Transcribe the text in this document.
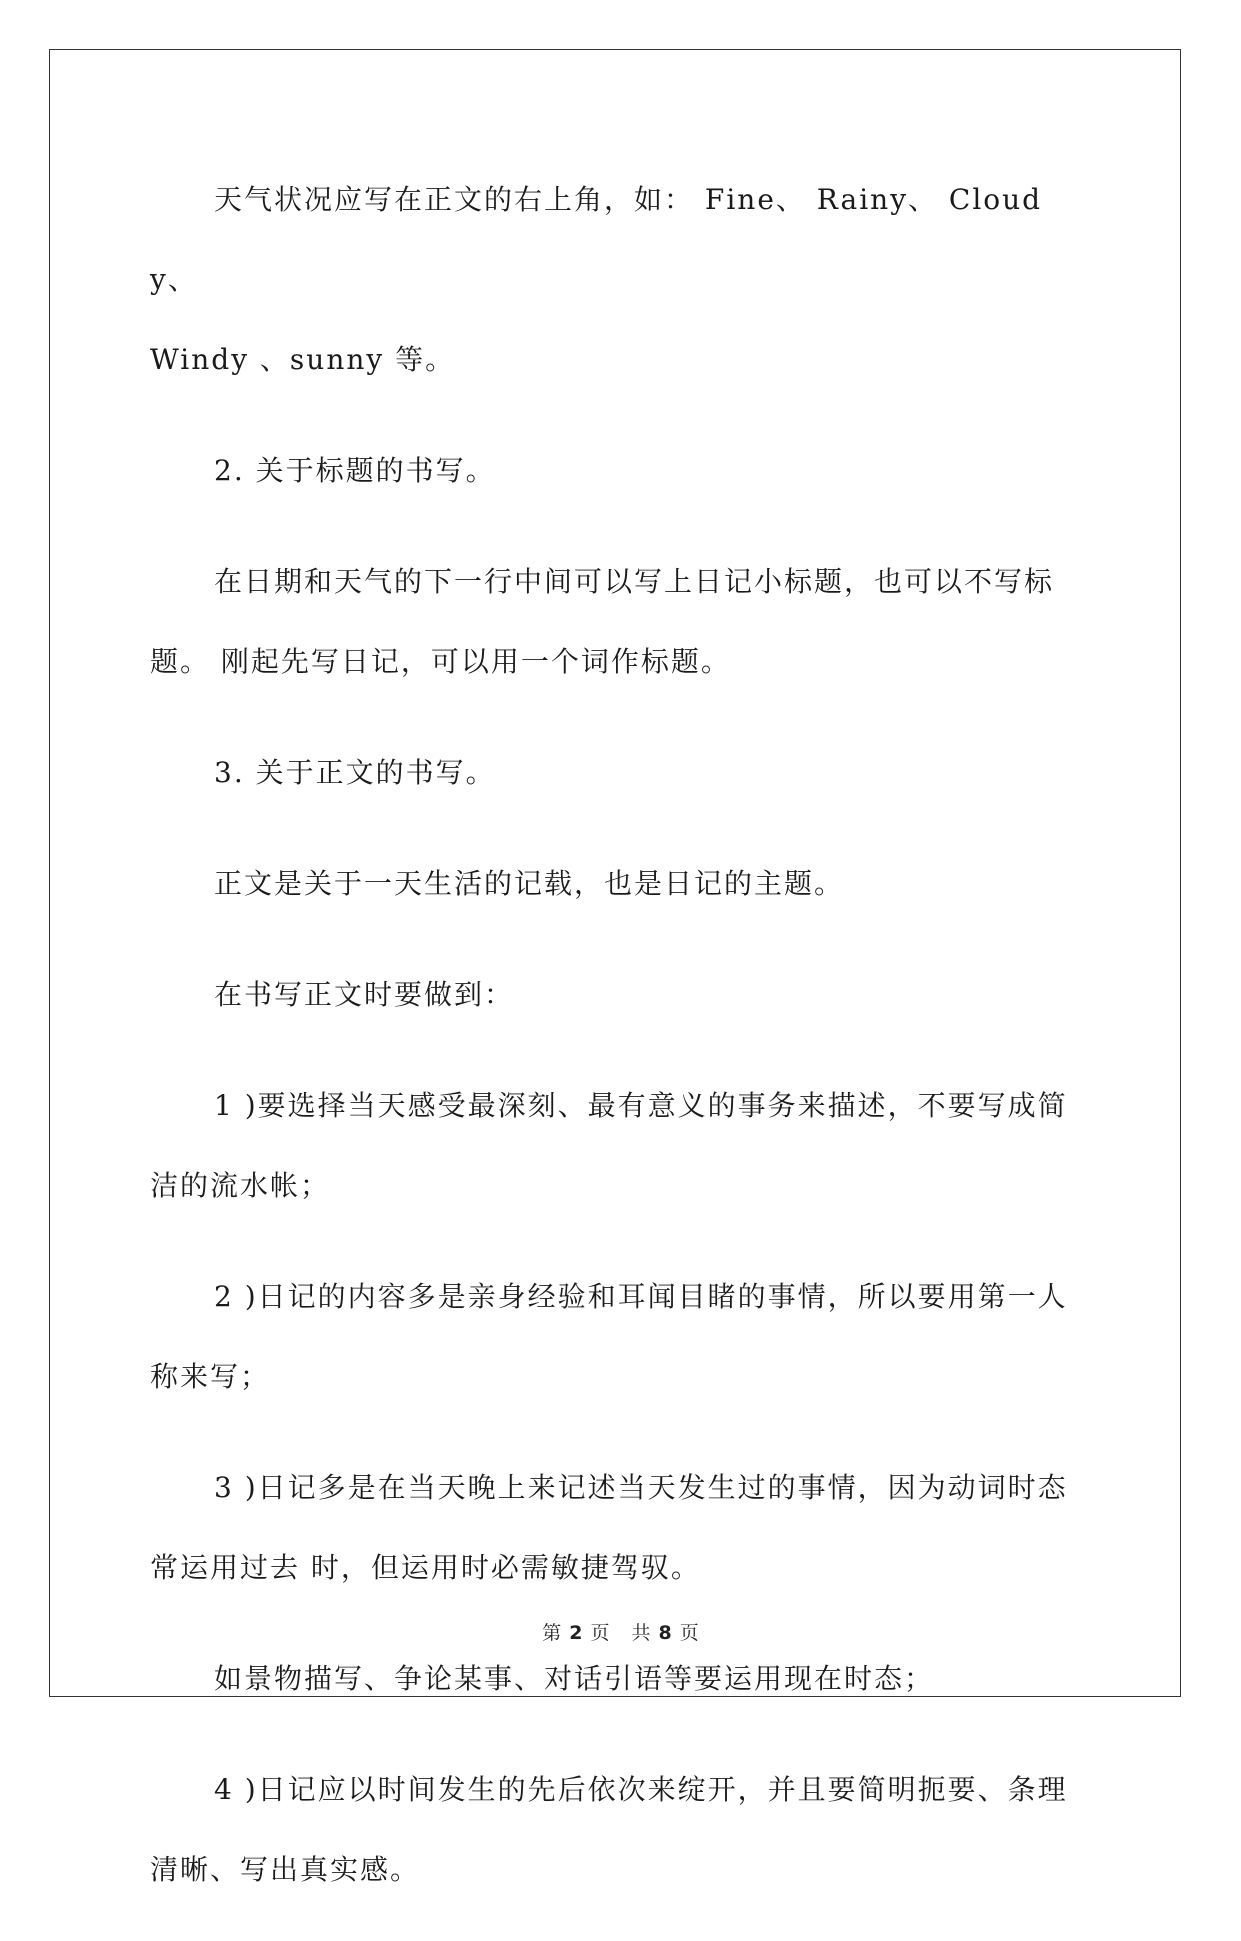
天气状况应写在正文的右上角，如： Fine、 Rainy、 Cloudy、
Windy 、sunny 等。

2. 关于标题的书写。

在日期和天气的下一行中间可以写上日记小标题，也可以不写标
题。 刚起先写日记，可以用一个词作标题。

3. 关于正文的书写。

正文是关于一天生活的记载，也是日记的主题。

在书写正文时要做到：

1 )要选择当天感受最深刻、最有意义的事务来描述，不要写成简
洁的流水帐；

2 )日记的内容多是亲身经验和耳闻目睹的事情，所以要用第一人
称来写；

3 )日记多是在当天晚上来记述当天发生过的事情，因为动词时态
常运用过去 时，但运用时必需敏捷驾驭。

如景物描写、争论某事、对话引语等要运用现在时态；

4 )日记应以时间发生的先后依次来绽开，并且要简明扼要、条理
清晰、写出真实感。

第 2 页 共 8 页
